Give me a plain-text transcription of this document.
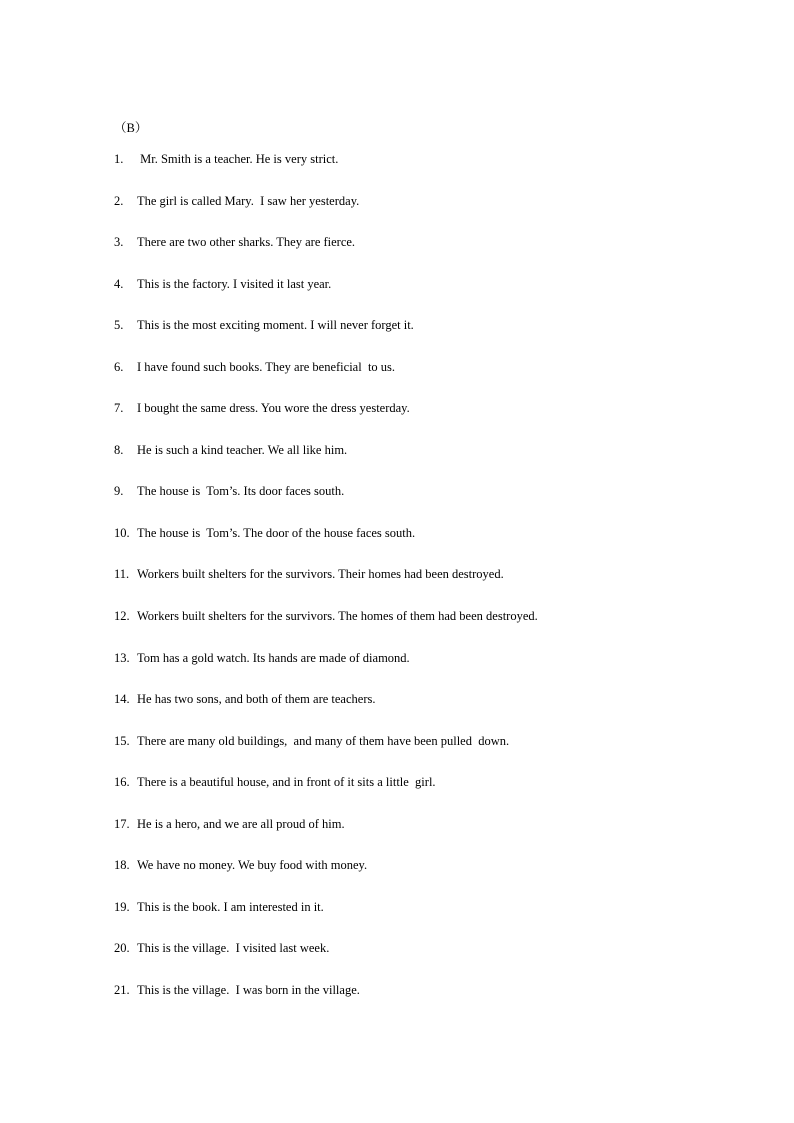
（B）
1.	Mr. Smith is a teacher. He is very strict.
2.	The girl is called Mary.  I saw her yesterday.
3.	There are two other sharks. They are fierce.
4.	This is the factory. I visited it last year.
5.	This is the most exciting moment. I will never forget it.
6.	I have found such books. They are beneficial  to us.
7.	I bought the same dress. You wore the dress yesterday.
8.	He is such a kind teacher. We all like him.
9.	The house is  Tom’s. Its door faces south.
10. The house is  Tom’s. The door of the house faces south.
11. Workers built shelters for the survivors. Their homes had been destroyed.
12. Workers built shelters for the survivors. The homes of them had been destroyed.
13. Tom has a gold watch. Its hands are made of diamond.
14. He has two sons, and both of them are teachers.
15. There are many old buildings,  and many of them have been pulled  down.
16. There is a beautiful house, and in front of it sits a little  girl.
17. He is a hero, and we are all proud of him.
18. We have no money. We buy food with money.
19. This is the book. I am interested in it.
20. This is the village.  I visited last week.
21. This is the village.  I was born in the village.
